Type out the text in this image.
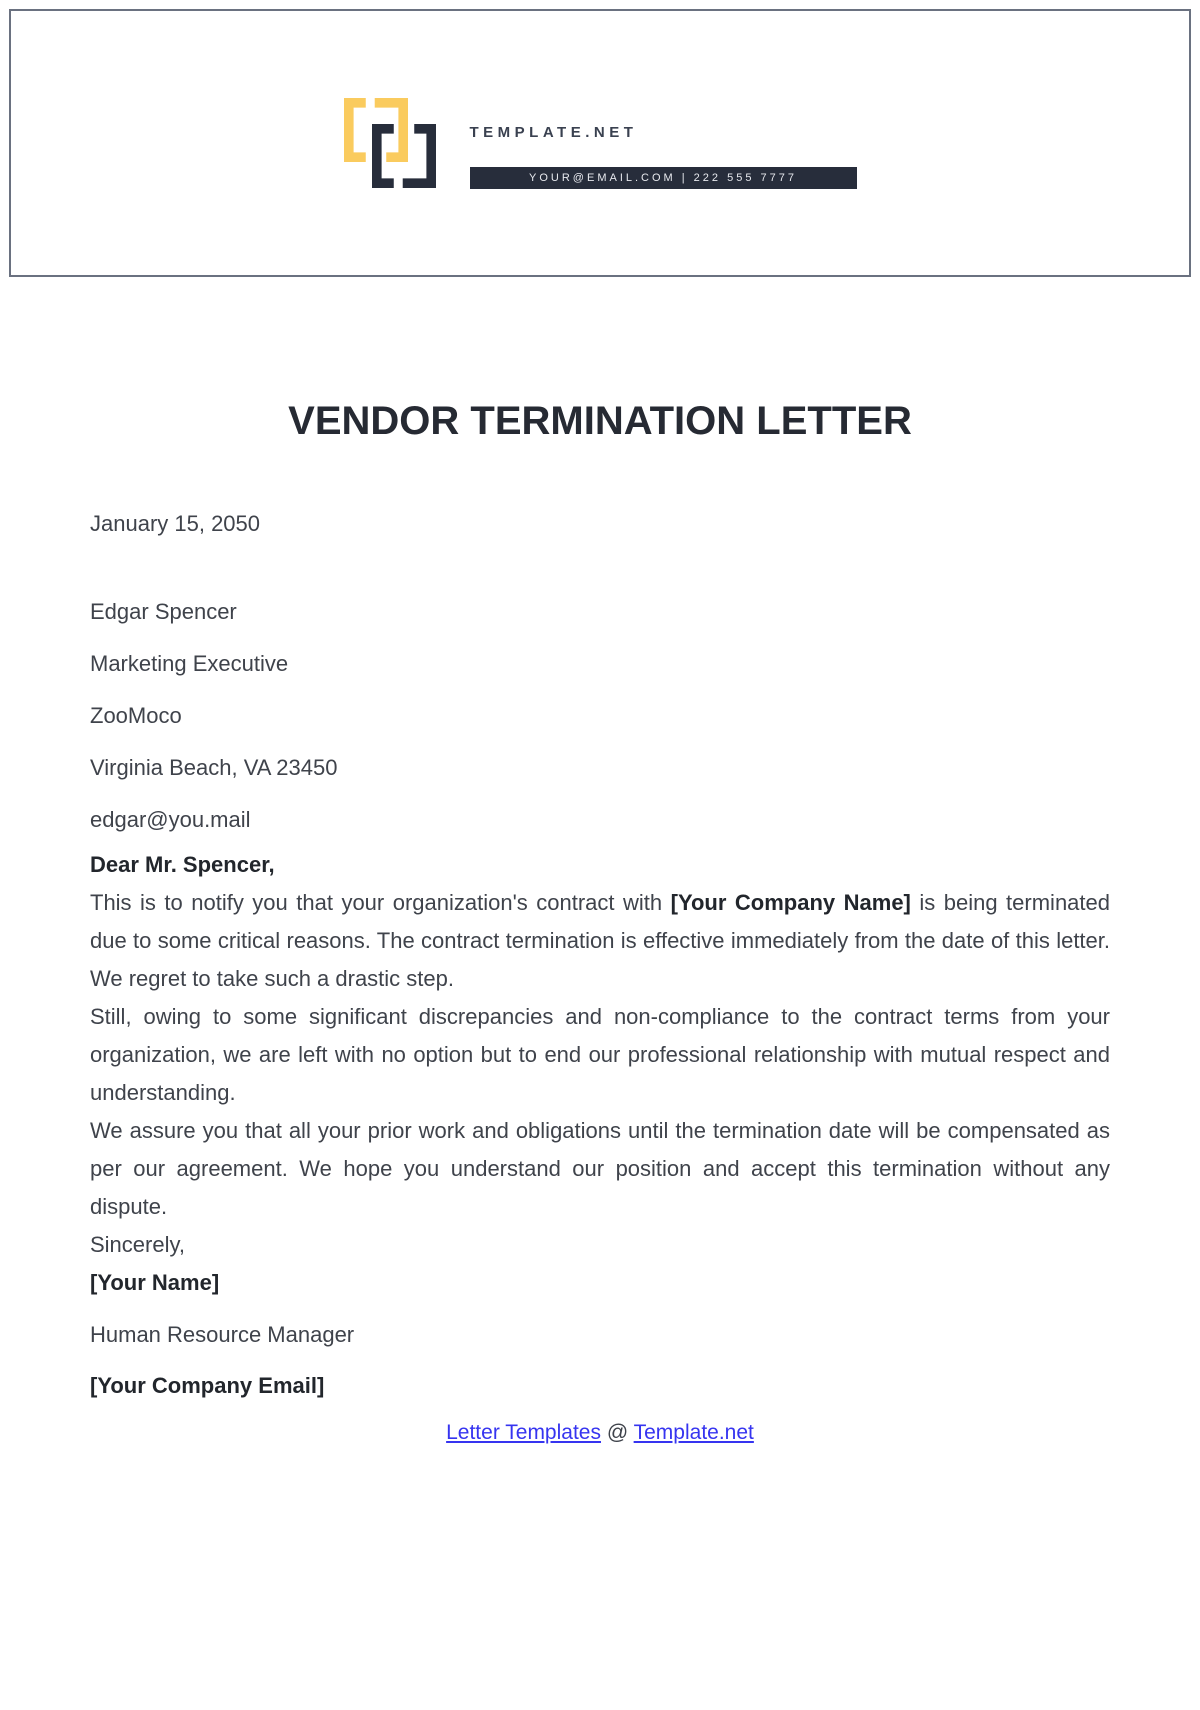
TEMPLATE.NET
YOUR@EMAIL.COM | 222 555 7777
VENDOR TERMINATION LETTER

January 15, 2050

Edgar Spencer

Marketing Executive

ZooMoco

Virginia Beach, VA 23450

edgar@you.mail

Dear Mr. Spencer,

This is to notify you that your organization's contract with [Your Company Name] is being terminated due to some critical reasons. The contract termination is effective immediately from the date of this letter. We regret to take such a drastic step.

Still, owing to some significant discrepancies and non-compliance to the contract terms from your organization, we are left with no option but to end our professional relationship with mutual respect and understanding.

We assure you that all your prior work and obligations until the termination date will be compensated as per our agreement. We hope you understand our position and accept this termination without any dispute.

Sincerely,

[Your Name]

Human Resource Manager

[Your Company Email]

Letter Templates @ Template.net
